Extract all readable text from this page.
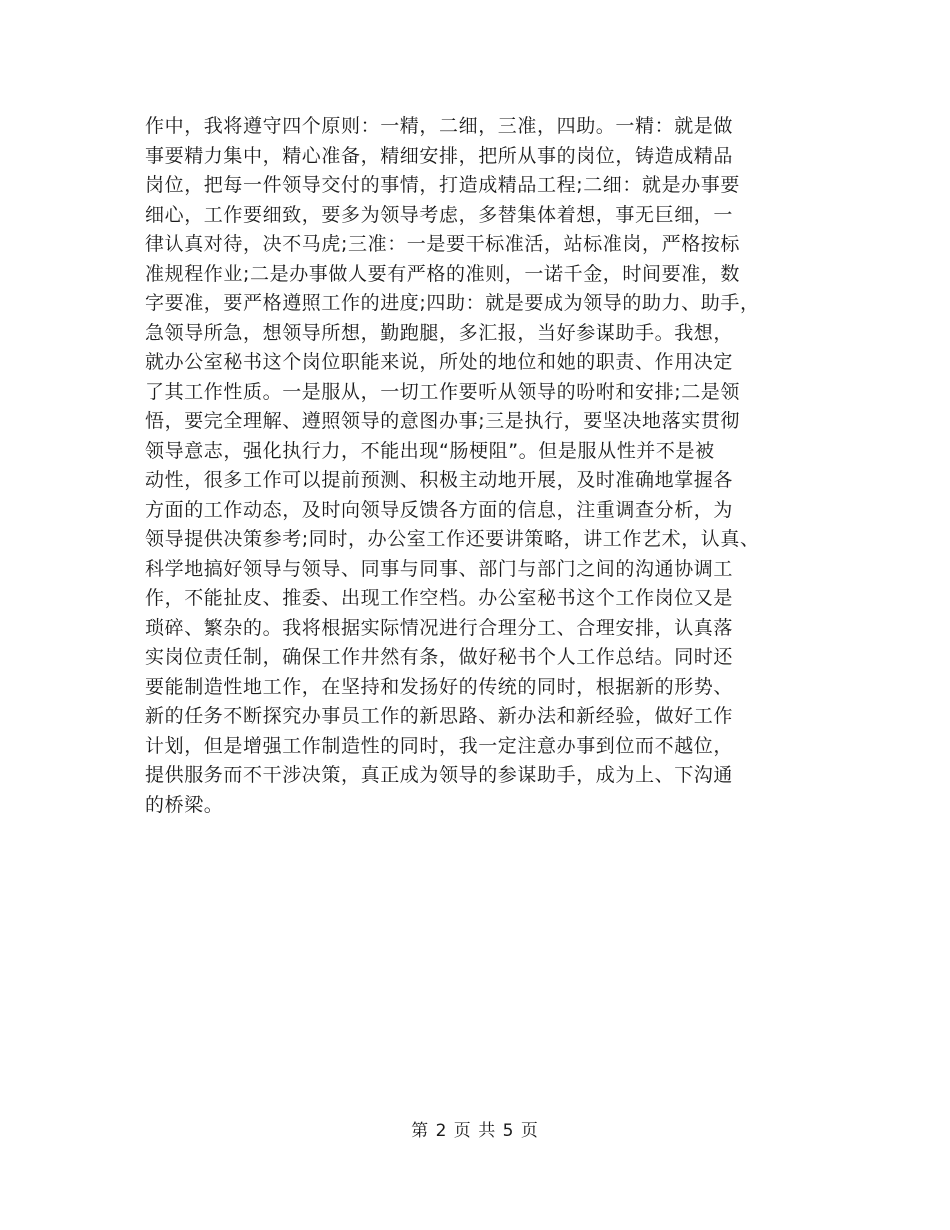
作中，我将遵守四个原则：一精，二细，三准，四助。一精：就是做
事要精力集中，精心准备，精细安排，把所从事的岗位，铸造成精品
岗位，把每一件领导交付的事情，打造成精品工程;二细：就是办事要
细心，工作要细致，要多为领导考虑，多替集体着想，事无巨细，一
律认真对待，决不马虎;三准：一是要干标准活，站标准岗，严格按标
准规程作业;二是办事做人要有严格的准则，一诺千金，时间要准，数
字要准，要严格遵照工作的进度;四助：就是要成为领导的助力、助手，
急领导所急，想领导所想，勤跑腿，多汇报，当好参谋助手。我想，
就办公室秘书这个岗位职能来说，所处的地位和她的职责、作用决定
了其工作性质。一是服从，一切工作要听从领导的吩咐和安排;二是领
悟，要完全理解、遵照领导的意图办事;三是执行，要坚决地落实贯彻
领导意志，强化执行力，不能出现“肠梗阻”。但是服从性并不是被
动性，很多工作可以提前预测、积极主动地开展，及时准确地掌握各
方面的工作动态，及时向领导反馈各方面的信息，注重调查分析，为
领导提供决策参考;同时，办公室工作还要讲策略，讲工作艺术，认真、
科学地搞好领导与领导、同事与同事、部门与部门之间的沟通协调工
作，不能扯皮、推委、出现工作空档。办公室秘书这个工作岗位又是
琐碎、繁杂的。我将根据实际情况进行合理分工、合理安排，认真落
实岗位责任制，确保工作井然有条，做好秘书个人工作总结。同时还
要能制造性地工作，在坚持和发扬好的传统的同时，根据新的形势、
新的任务不断探究办事员工作的新思路、新办法和新经验，做好工作
计划，但是增强工作制造性的同时，我一定注意办事到位而不越位，
提供服务而不干涉决策，真正成为领导的参谋助手，成为上、下沟通
的桥梁。
第 2 页 共 5 页
